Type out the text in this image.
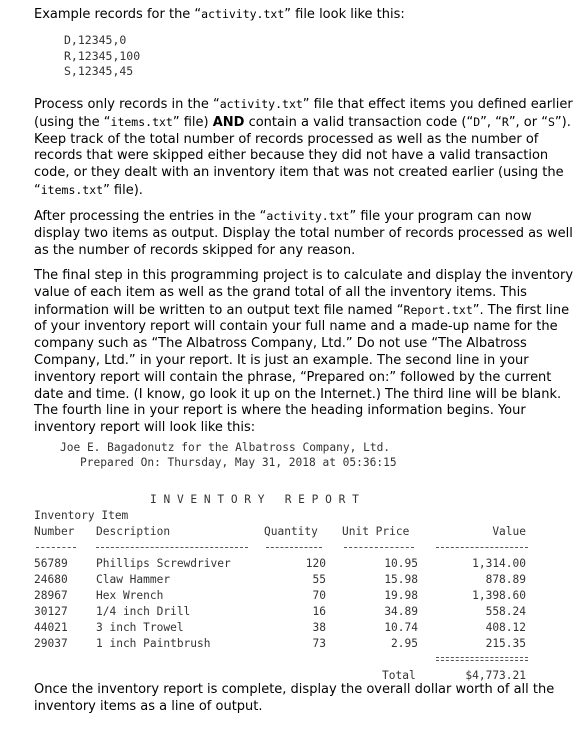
Example records for the “activity.txt” file look like this:

D,12345,0
R,12345,100
S,12345,45

Process only records in the “activity.txt” file that effect items you defined earlier (using the “items.txt” file) AND contain a valid transaction code (“D”, “R”, or “S”). Keep track of the total number of records processed as well as the number of records that were skipped either because they did not have a valid transaction code, or they dealt with an inventory item that was not created earlier (using the “items.txt” file).

After processing the entries in the “activity.txt” file your program can now display two items as output. Display the total number of records processed as well as the number of records skipped for any reason.

The final step in this programming project is to calculate and display the inventory value of each item as well as the grand total of all the inventory items. This information will be written to an output text file named “Report.txt”. The first line of your inventory report will contain your full name and a made-up name for the company such as “The Albatross Company, Ltd.” Do not use “The Albatross Company, Ltd.” in your report. It is just an example. The second line in your inventory report will contain the phrase, “Prepared on:” followed by the current date and time. (I know, go look it up on the Internet.) The third line will be blank. The fourth line in your report is where the heading information begins. Your inventory report will look like this:

Joe E. Bagadonutz for the Albatross Company, Ltd.
Prepared On: Thursday, May 31, 2018 at 05:36:15
I N V E N T O R Y   R E P O R T
Inventory Item
Number Description	Quantity Unit Price	Value
56789	Phillips Screwdriver	120	10.95	1,314.00
24680	Claw Hammer	55	15.98	878.89
28967	Hex Wrench	70	19.98	1,398.60
30127	1/4 inch Drill	16	34.89	558.24
44021	3 inch Trowel	38	10.74	408.12
29037	1 inch Paintbrush	73	2.95	215.35
Total	$4,773.21

Once the inventory report is complete, display the overall dollar worth of all the inventory items as a line of output.
